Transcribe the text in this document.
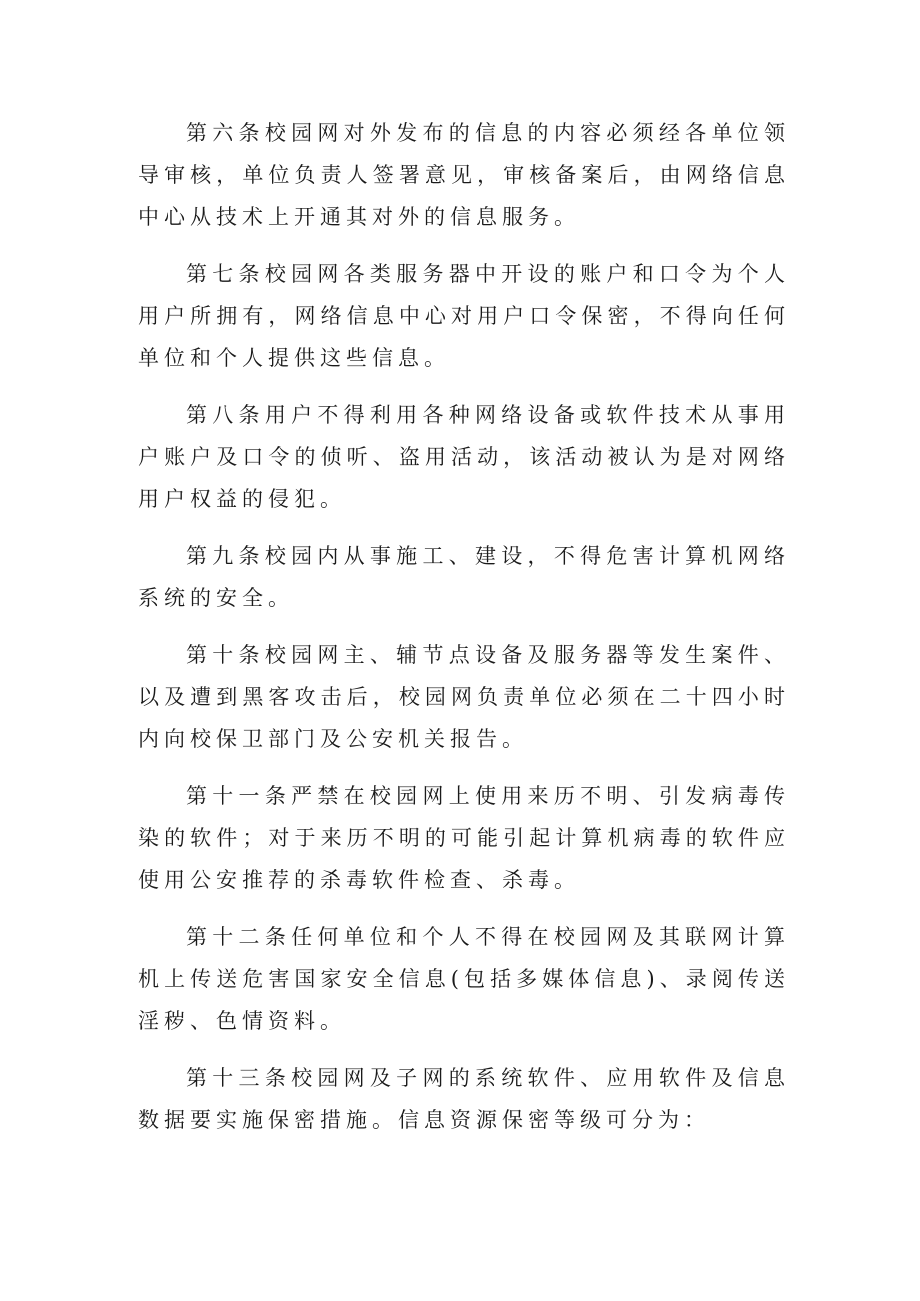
第六条校园网对外发布的信息的内容必须经各单位领导审核，单位负责人签署意见，审核备案后，由网络信息中心从技术上开通其对外的信息服务。

第七条校园网各类服务器中开设的账户和口令为个人用户所拥有，网络信息中心对用户口令保密，不得向任何单位和个人提供这些信息。

第八条用户不得利用各种网络设备或软件技术从事用户账户及口令的侦听、盗用活动，该活动被认为是对网络用户权益的侵犯。

第九条校园内从事施工、建设，不得危害计算机网络系统的安全。

第十条校园网主、辅节点设备及服务器等发生案件、以及遭到黑客攻击后，校园网负责单位必须在二十四小时内向校保卫部门及公安机关报告。

第十一条严禁在校园网上使用来历不明、引发病毒传染的软件；对于来历不明的可能引起计算机病毒的软件应使用公安推荐的杀毒软件检查、杀毒。

第十二条任何单位和个人不得在校园网及其联网计算机上传送危害国家安全信息(包括多媒体信息)、录阅传送淫秽、色情资料。

第十三条校园网及子网的系统软件、应用软件及信息数据要实施保密措施。信息资源保密等级可分为：
